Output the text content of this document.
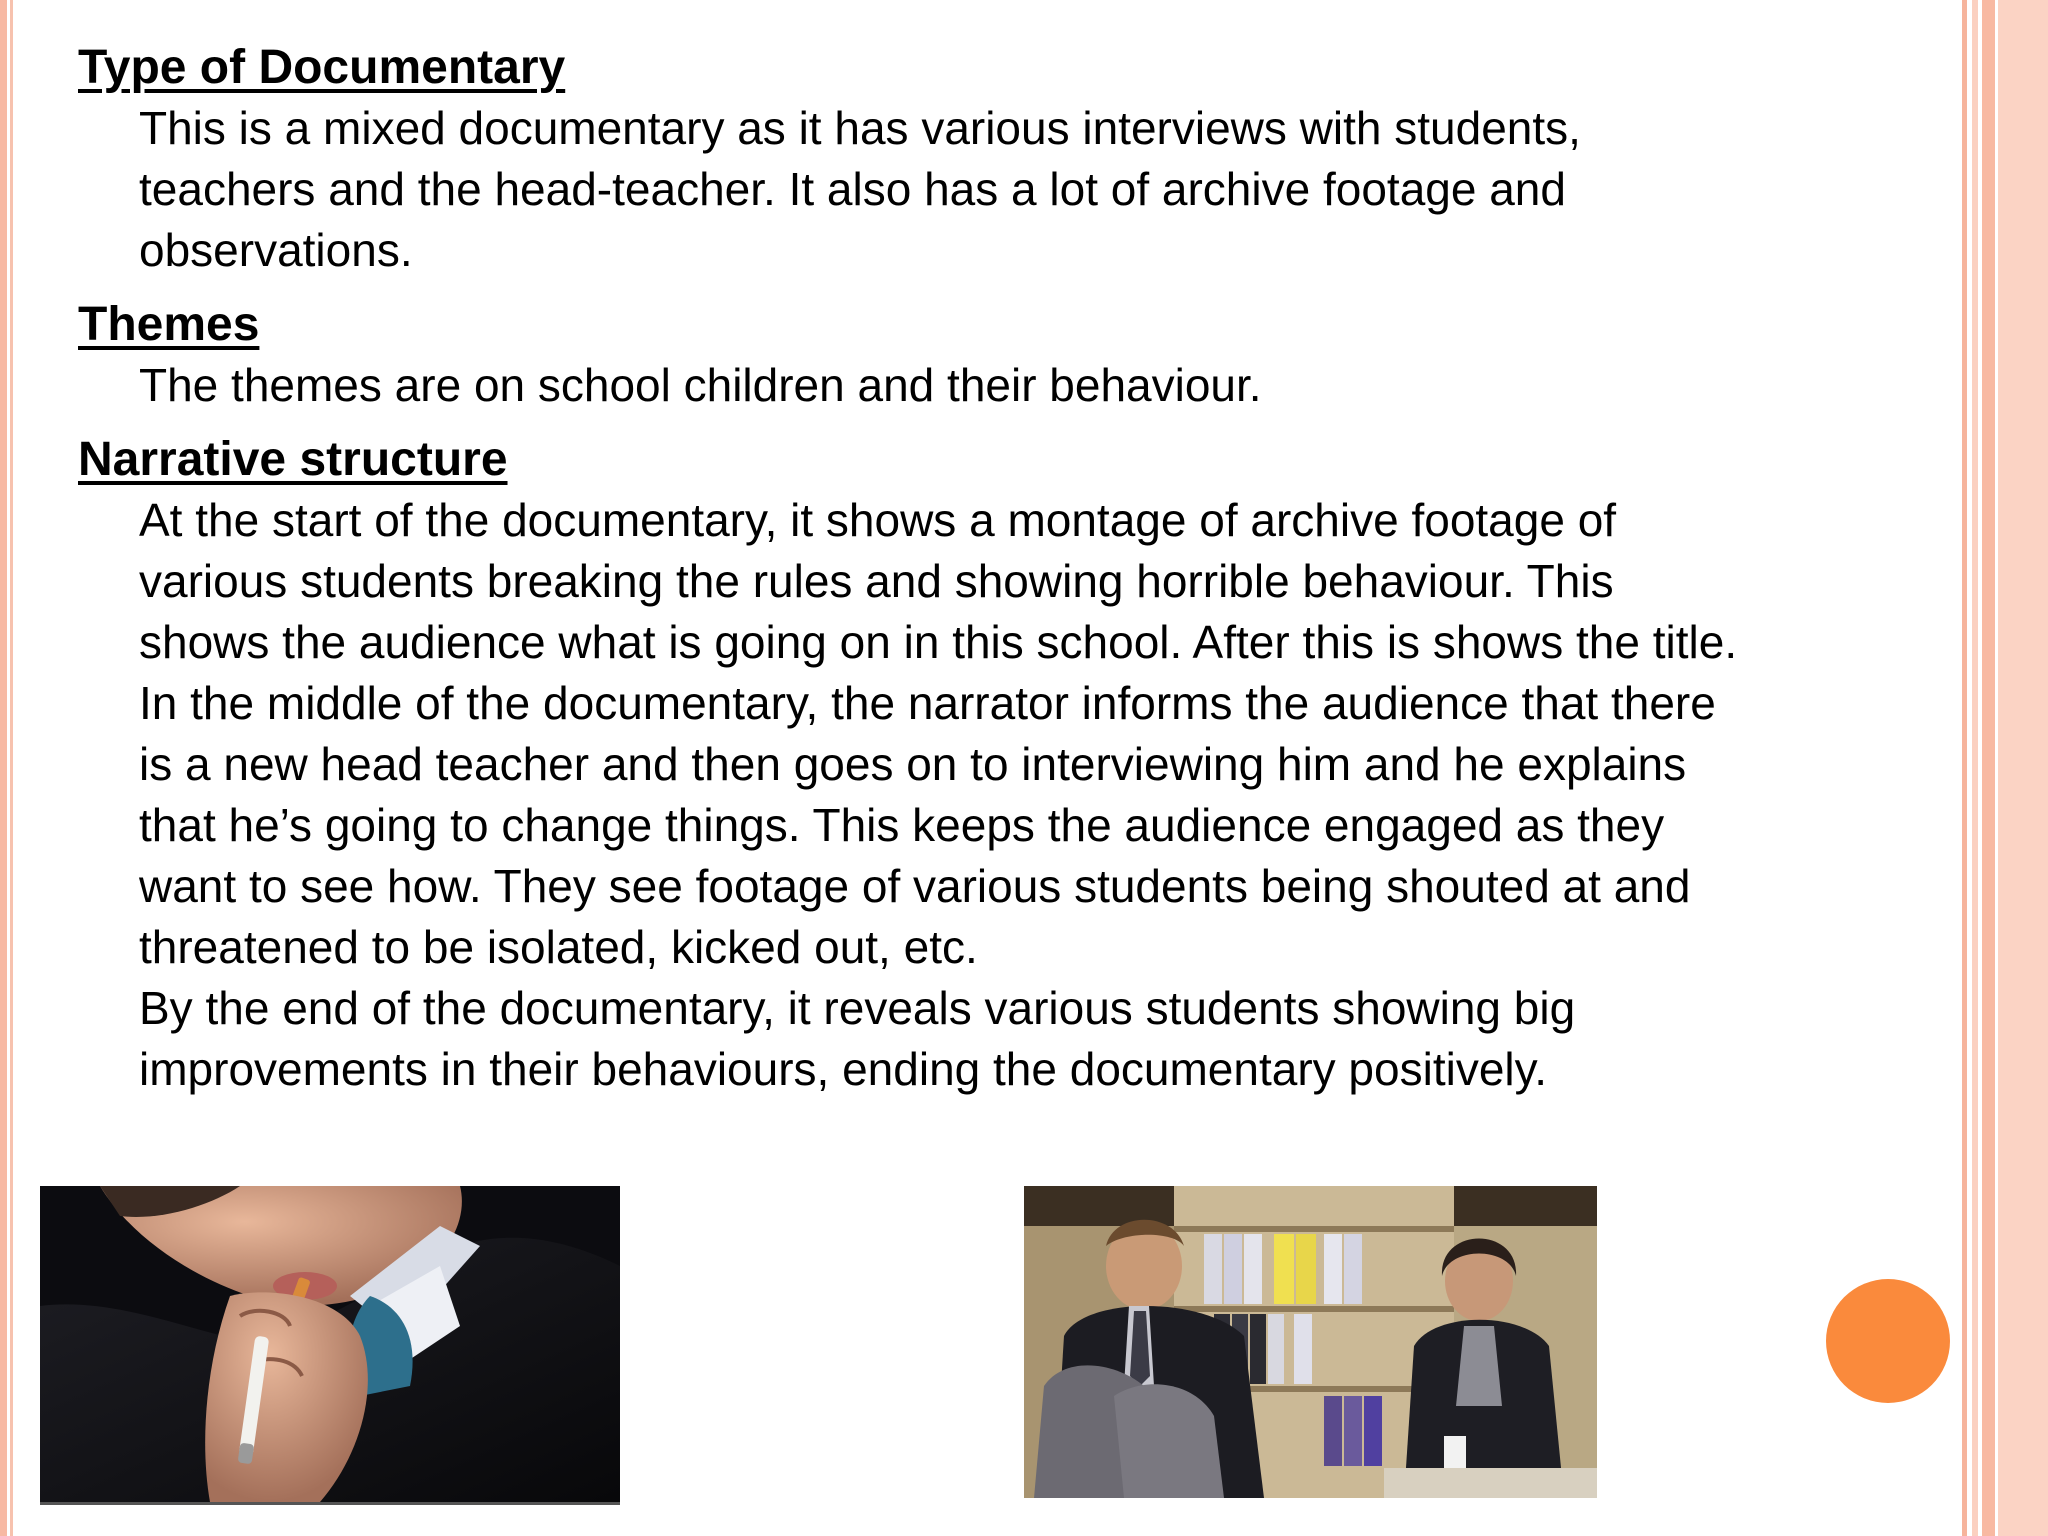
Type of Documentary

This is a mixed documentary as it has various interviews with students,
teachers and the head-teacher. It also has a lot of archive footage and
observations.

Themes

The themes are on school children and their behaviour.

Narrative structure

At the start of the documentary, it shows a montage of archive footage of
various students breaking the rules and showing horrible behaviour. This
shows the audience what is going on in this school. After this is shows the title.
In the middle of the documentary, the narrator informs the audience that there
is a new head teacher and then goes on to interviewing him and he explains
that he’s going to change things. This keeps the audience engaged as they
want to see how. They see footage of various students being shouted at and
threatened to be isolated, kicked out, etc.
By the end of the documentary, it reveals various students showing big
improvements in their behaviours, ending the documentary positively.
